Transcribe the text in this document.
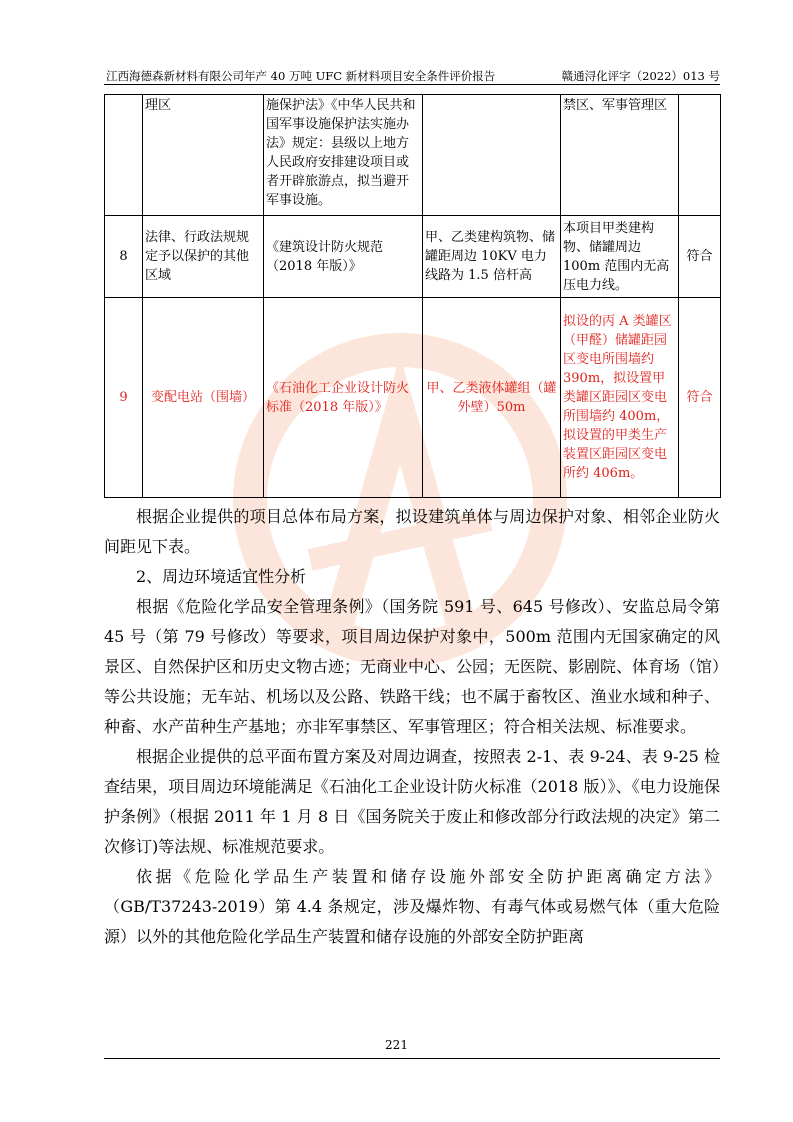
江西海德森新材料有限公司年产 40 万吨 UFC 新材料项目安全条件评价报告	赣通浔化评字（2022）013 号
	理区	施保护法》《中华人民共和国军事设施保护法实施办法》规定：县级以上地方人民政府安排建设项目或者开辟旅游点，拟当避开军事设施。		禁区、军事管理区	
8	法律、行政法规规定予以保护的其他区域	《建筑设计防火规范（2018 年版）》	甲、乙类建构筑物、储罐距周边 10KV 电力线路为 1.5 倍杆高	本项目甲类建构物、储罐周边 100m 范围内无高压电力线。	符合
9	变配电站（围墙）	《石油化工企业设计防火标准（2018 年版）》	甲、乙类液体罐组（罐外壁）50m	拟设的丙 A 类罐区（甲醛）储罐距园区变电所围墙约 390m，拟设置甲类罐区距园区变电所围墙约 400m，拟设置的甲类生产装置区距园区变电所约 406m。	符合

根据企业提供的项目总体布局方案，拟设建筑单体与周边保护对象、相邻企业防火间距见下表。

2、周边环境适宜性分析

根据《危险化学品安全管理条例》（国务院 591 号、645 号修改）、安监总局令第 45 号（第 79 号修改）等要求，项目周边保护对象中，500m 范围内无国家确定的风景区、自然保护区和历史文物古迹；无商业中心、公园；无医院、影剧院、体育场（馆）等公共设施；无车站、机场以及公路、铁路干线；也不属于畜牧区、渔业水域和种子、种畜、水产苗种生产基地；亦非军事禁区、军事管理区；符合相关法规、标准要求。

根据企业提供的总平面布置方案及对周边调查，按照表 2-1、表 9-24、表 9-25 检查结果，项目周边环境能满足《石油化工企业设计防火标准（2018 版）》、《电力设施保护条例》（根据 2011 年 1 月 8 日《国务院关于废止和修改部分行政法规的决定》第二次修订)等法规、标准规范要求。

依据《危险化学品生产装置和储存设施外部安全防护距离确定方法》（GB/T37243-2019）第 4.4 条规定，涉及爆炸物、有毒气体或易燃气体（重大危险源）以外的其他危险化学品生产装置和储存设施的外部安全防护距离

221
